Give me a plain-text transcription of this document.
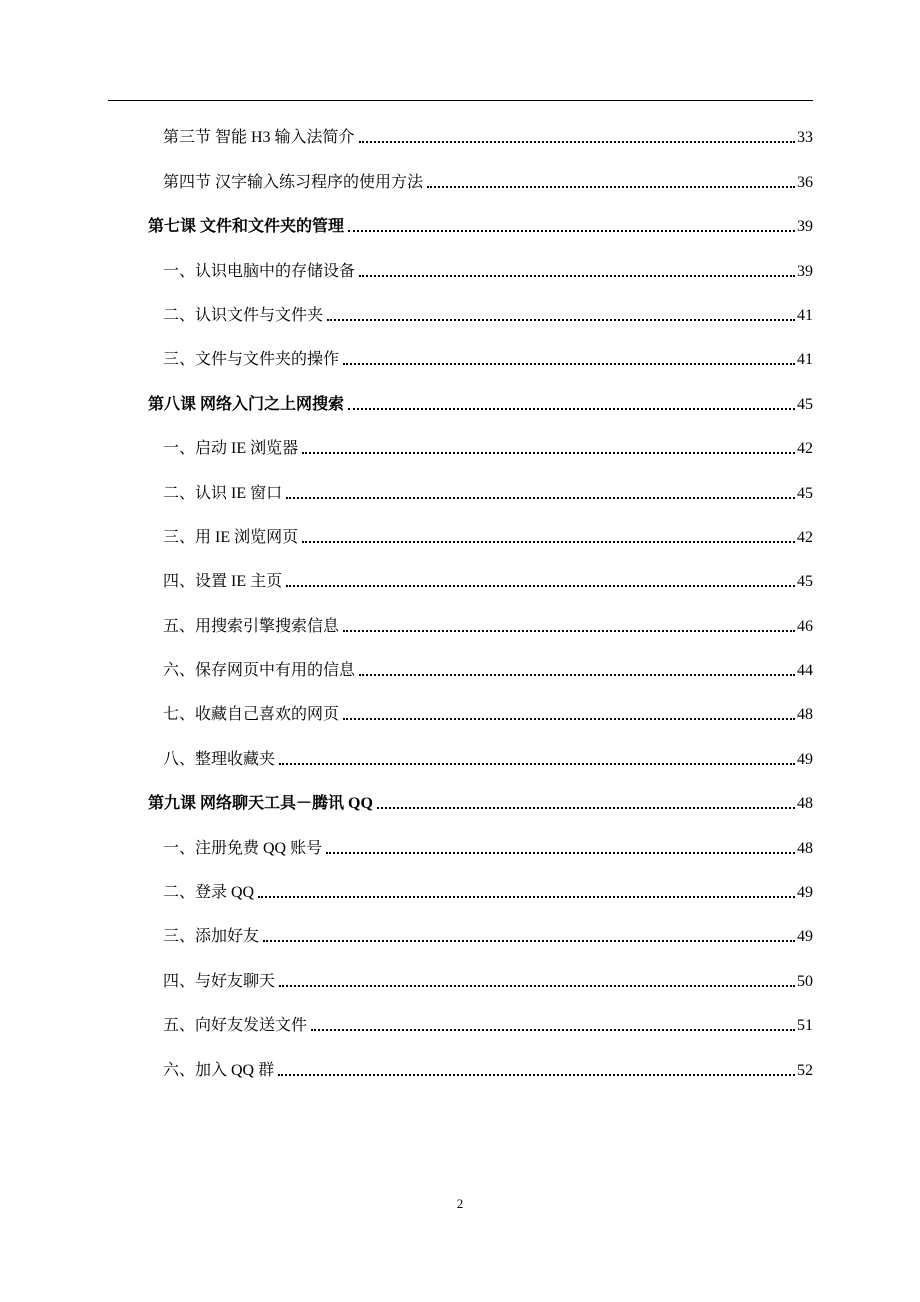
第三节 智能 H3 输入法简介	33
第四节 汉字输入练习程序的使用方法	36
第七课 文件和文件夹的管理	39
一、认识电脑中的存储设备	39
二、认识文件与文件夹	41
三、文件与文件夹的操作	41
第八课 网络入门之上网搜索	45
一、启动 IE 浏览器	42
二、认识 IE 窗口	45
三、用 IE 浏览网页	42
四、设置 IE 主页	45
五、用搜索引擎搜索信息	46
六、保存网页中有用的信息	44
七、收藏自己喜欢的网页	48
八、整理收藏夹	49
第九课 网络聊天工具－腾讯 QQ	48
一、注册免费 QQ 账号	48
二、登录 QQ	49
三、添加好友	49
四、与好友聊天	50
五、向好友发送文件	51
六、加入 QQ 群	52
2
